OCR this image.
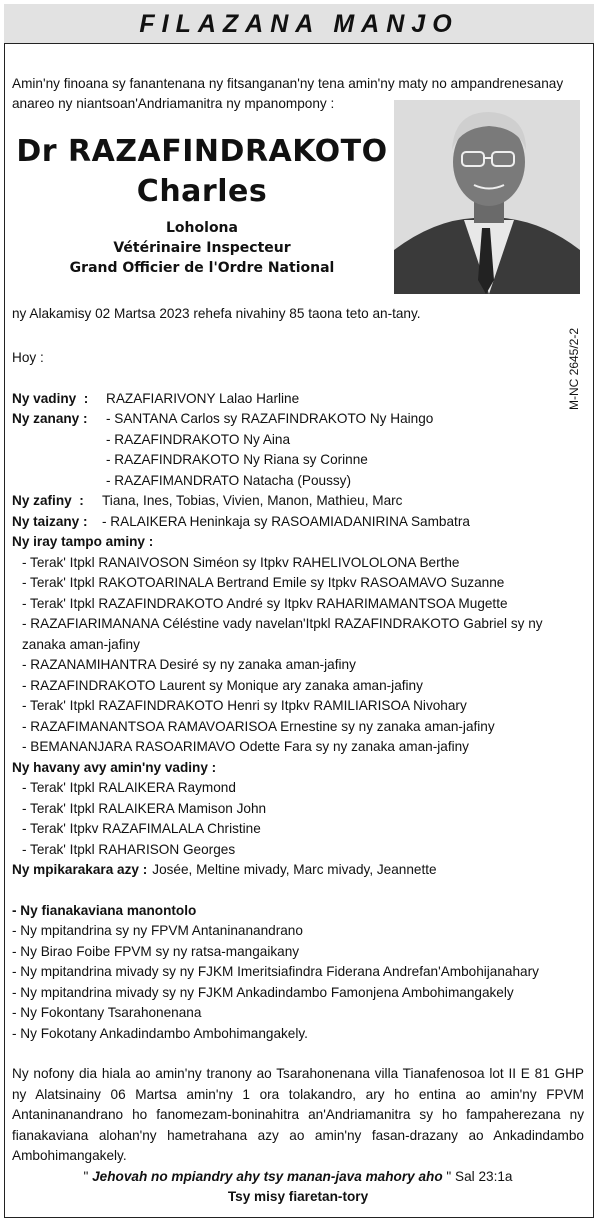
FILAZANA MANJO
Amin'ny finoana sy fanantenana ny fitsanganan'ny tena amin'ny maty no ampandrenesanay anareo ny niantsoan'Andriamanitra ny mpanompony :
Dr RAZAFINDRAKOTO
Charles
Loholona
Vétérinaire Inspecteur
Grand Officier de l'Ordre National
ny Alakamisy 02 Martsa 2023 rehefa nivahiny 85 taona teto an-tany.
M-NC 2645/2-2
Hoy :
Ny vadiny  :	RAZAFIARIVONY Lalao Harline
Ny zanany :	- SANTANA Carlos sy RAZAFINDRAKOTO Ny Haingo
- RAZAFINDRAKOTO Ny Aina
- RAZAFINDRAKOTO Ny Riana sy Corinne
- RAZAFIMANDRATO Natacha (Poussy)
Ny zafiny  :	Tiana, Ines, Tobias, Vivien, Manon, Mathieu, Marc
Ny taizany :	- RALAIKERA Heninkaja sy RASOAMIADANIRINA Sambatra
Ny iray tampo aminy :
- Terak' Itpkl RANAIVOSON Siméon sy Itpkv RAHELIVOLOLONA Berthe
- Terak' Itpkl RAKOTOARINALA Bertrand Emile sy Itpkv RASOAMAVO Suzanne
- Terak' Itpkl RAZAFINDRAKOTO André sy Itpkv RAHARIMAMANTSOA Mugette
- RAZAFIARIMANANA Céléstine vady navelan'Itpkl RAZAFINDRAKOTO Gabriel sy ny zanaka aman-jafiny
- RAZANAMIHANTRA Desiré sy ny zanaka aman-jafiny
- RAZAFINDRAKOTO Laurent sy Monique ary zanaka aman-jafiny
- Terak' Itpkl RAZAFINDRAKOTO Henri sy Itpkv RAMILIARISOA Nivohary
- RAZAFIMANANTSOA RAMAVOARISOA Ernestine sy ny zanaka aman-jafiny
- BEMANANJARA RASOARIMAVO Odette Fara sy ny zanaka aman-jafiny
Ny havany avy amin'ny vadiny :
- Terak' Itpkl RALAIKERA Raymond
- Terak' Itpkl RALAIKERA Mamison John
- Terak' Itpkv RAZAFIMALALA Christine
- Terak' Itpkl RAHARISON Georges
Ny mpikarakara azy : Josée, Meltine mivady, Marc mivady, Jeannette
- Ny fianakaviana manontolo
- Ny mpitandrina sy ny FPVM Antaninanandrano
- Ny Birao Foibe FPVM sy ny ratsa-mangaikany
- Ny mpitandrina mivady sy ny FJKM Imeritsiafindra Fiderana Andrefan'Ambohijanahary
- Ny mpitandrina mivady sy ny FJKM Ankadindambo Famonjena Ambohimangakely
- Ny Fokontany Tsarahonenana
- Ny Fokotany Ankadindambo Ambohimangakely.
Ny nofony dia hiala ao amin'ny tranony ao Tsarahonenana villa Tianafenosoa lot II E 81 GHP ny Alatsinainy 06 Martsa amin'ny 1 ora tolakandro, ary ho entina ao amin'ny FPVM Antaninanandrano ho fanomezam-boninahitra an'Andriamanitra sy ho fampaherezana ny fianakaviana alohan'ny hametrahana azy ao amin'ny fasan-drazany ao Ankadindambo Ambohimangakely.
" Jehovah no mpiandry ahy tsy manan-java mahory aho " Sal 23:1a
Tsy misy fiaretan-tory
